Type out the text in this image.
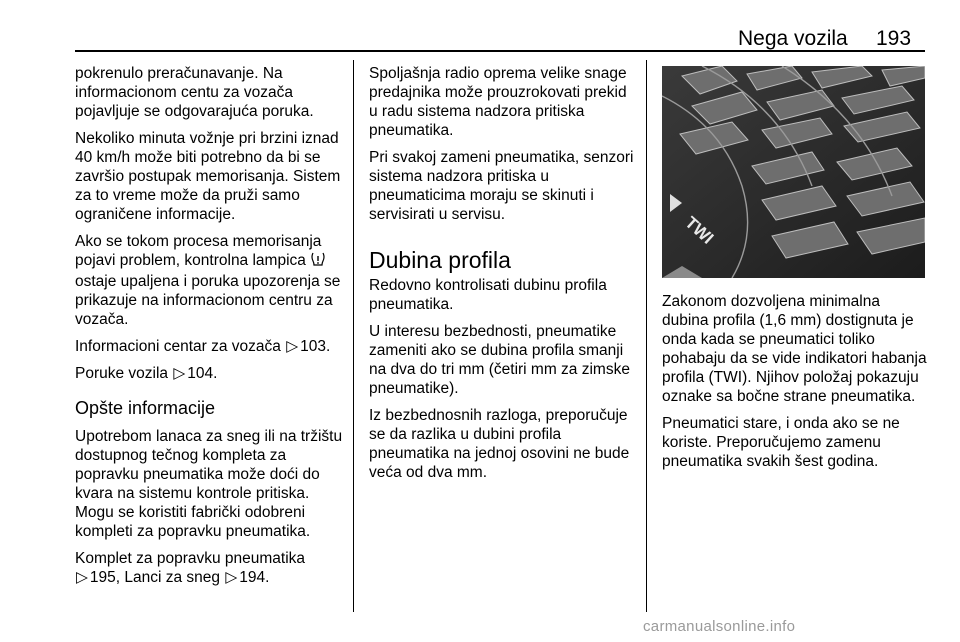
Nega vozila 193

pokrenulo preračunavanje. Na informacionom centu za vozača pojavljuje se odgovarajuća poruka.

Nekoliko minuta vožnje pri brzini iznad 40 km/h može biti potrebno da bi se završio postupak memorisanja. Sistem za to vreme može da pruži samo ograničene informacije.

Ako se tokom procesa memorisanja pojavi problem, kontrolna lampica  ostaje upaljena i poruka upozorenja se prikazuje na informacionom centru za vozača.

Informacioni centar za vozača ▷ 103.

Poruke vozila ▷ 104.

Opšte informacije

Upotrebom lanaca za sneg ili na tržištu dostupnog tečnog kompleta za popravku pneumatika može doći do kvara na sistemu kontrole pritiska. Mogu se koristiti fabrički odobreni kompleti za popravku pneumatika.

Komplet za popravku pneumatika
▷ 195, Lanci za sneg ▷ 194.

Spoljašnja radio oprema velike snage predajnika može prouzrokovati prekid u radu sistema nadzora pritiska pneumatika.

Pri svakoj zameni pneumatika, senzori sistema nadzora pritiska u pneumaticima moraju se skinuti i servisirati u servisu.

Dubina profila

Redovno kontrolisati dubinu profila pneumatika.

U interesu bezbednosti, pneumatike zameniti ako se dubina profila smanji na dva do tri mm (četiri mm za zimske pneumatike).

Iz bezbednosnih razloga, preporučuje se da razlika u dubini profila pneumatika na jednoj osovini ne bude veća od dva mm.

TWI

Zakonom dozvoljena minimalna dubina profila (1,6 mm) dostignuta je onda kada se pneumatici toliko pohabaju da se vide indikatori habanja profila (TWI). Njihov položaj pokazuju oznake sa bočne strane pneumatika.

Pneumatici stare, i onda ako se ne koriste. Preporučujemo zamenu pneumatika svakih šest godina.

carmanualsonline.info
